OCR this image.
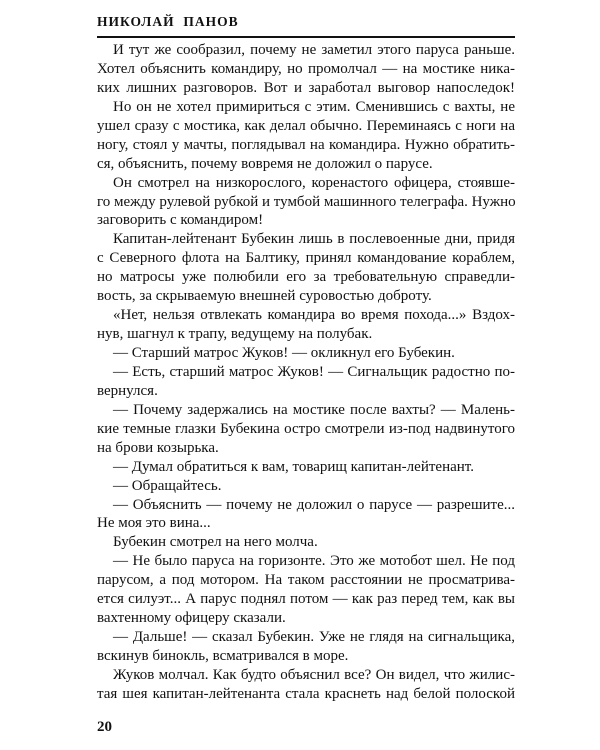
НИКОЛАЙ  ПАНОВ
И тут же сообразил, почему не заметил этого паруса раньше.
Хотел объяснить командиру, но промолчал — на мостике ника-
ких лишних разговоров. Вот и заработал выговор напоследок!
Но он не хотел примириться с этим. Сменившись с вахты, не
ушел сразу с мостика, как делал обычно. Переминаясь с ноги на
ногу, стоял у мачты, поглядывал на командира. Нужно обратить-
ся, объяснить, почему вовремя не доложил о парусе.
Он смотрел на низкорослого, коренастого офицера, стоявше-
го между рулевой рубкой и тумбой машинного телеграфа. Нужно
заговорить с командиром!
Капитан-лейтенант Бубекин лишь в послевоенные дни, придя
с Северного флота на Балтику, принял командование кораблем,
но матросы уже полюбили его за требовательную справедли-
вость, за скрываемую внешней суровостью доброту.
«Нет, нельзя отвлекать командира во время похода...» Вздох-
нув, шагнул к трапу, ведущему на полубак.
— Старший матрос Жуков! — окликнул его Бубекин.
— Есть, старший матрос Жуков! — Сигнальщик радостно по-
вернулся.
— Почему задержались на мостике после вахты? — Малень-
кие темные глазки Бубекина остро смотрели из-под надвинутого
на брови козырька.
— Думал обратиться к вам, товарищ капитан-лейтенант.
— Обращайтесь.
— Объяснить — почему не доложил о парусе — разрешите...
Не моя это вина...
Бубекин смотрел на него молча.
— Не было паруса на горизонте. Это же мотобот шел. Не под
парусом, а под мотором. На таком расстоянии не просматрива-
ется силуэт... А парус поднял потом — как раз перед тем, как вы
вахтенному офицеру сказали.
— Дальше! — сказал Бубекин. Уже не глядя на сигнальщика,
вскинув бинокль, всматривался в море.
Жуков молчал. Как будто объяснил все? Он видел, что жилис-
тая шея капитан-лейтенанта стала краснеть над белой полоской
20
